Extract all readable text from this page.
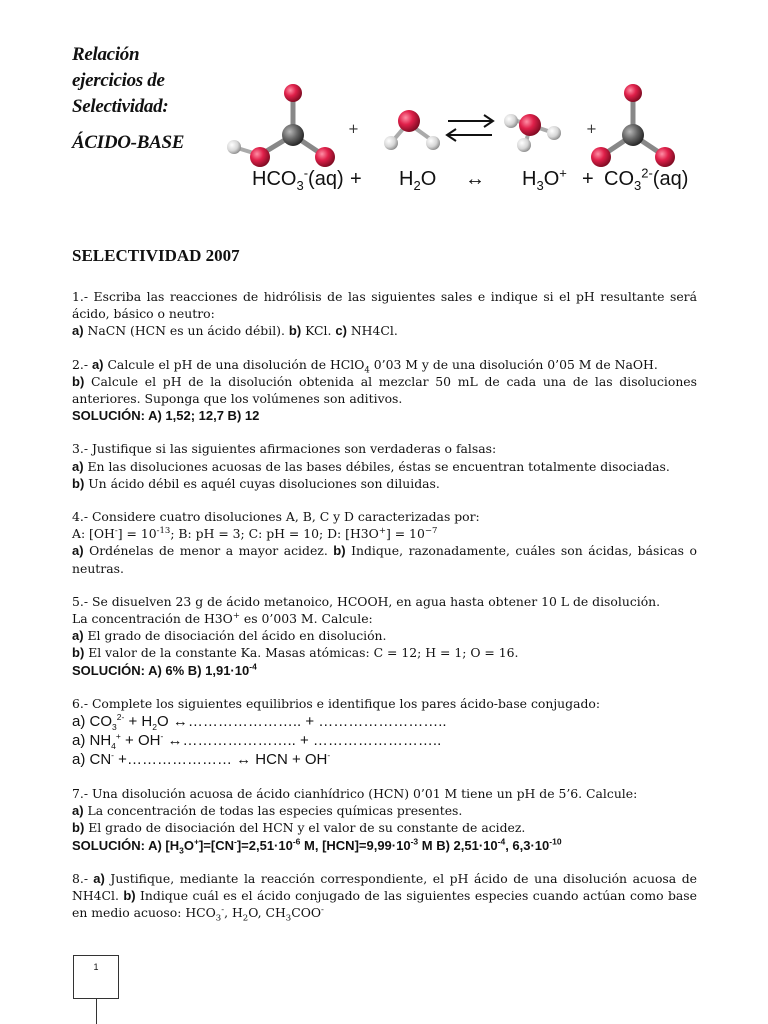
Relación
ejercicios de
Selectividad:
ÁCIDO-BASE
+	+
$HCO_3^-(aq) + H_2O$ ↔ $H_3O^+ + CO_3^{2-}(aq)$
SELECTIVIDAD 2007

1.- Escriba las reacciones de hidrólisis de las siguientes sales e indique si el pH resultante será ácido, básico o neutro:

a) NaCN (HCN es un ácido débil). b) KCl. c) NH4Cl.

2.- a) Calcule el pH de una disolución de HClO$_4$ 0’03 M y de una disolución 0’05 M de NaOH.

b) Calcule el pH de la disolución obtenida al mezclar 50 mL de cada una de las disoluciones anteriores. Suponga que los volúmenes son aditivos.

SOLUCIÓN: A) 1,52; 12,7 B) 12

3.- Justifique si las siguientes afirmaciones son verdaderas o falsas:

a) En las disoluciones acuosas de las bases débiles, éstas se encuentran totalmente disociadas.

b) Un ácido débil es aquél cuyas disoluciones son diluidas.

4.- Considere cuatro disoluciones A, B, C y D caracterizadas por:

A: $[OH^-] = 10^{-13}$; B: pH = 3; C: pH = 10; D: $[H3O^+] = 10^{-7}$

a) Ordénelas de menor a mayor acidez. b) Indique, razonadamente, cuáles son ácidas, básicas o neutras.

5.- Se disuelven 23 g de ácido metanoico, HCOOH, en agua hasta obtener 10 L de disolución.

La concentración de H3O+ es 0’003 M. Calcule:

a) El grado de disociación del ácido en disolución.

b) El valor de la constante Ka. Masas atómicas: C = 12; H = 1; O = 16.

SOLUCIÓN: A) 6% B) $1,91\cdot 10^{-4}$

6.- Complete los siguientes equilibrios e identifique los pares ácido-base conjugado:

a) $CO_3^{2-} + H_2O$ ↔………………….. + ……………………..

a) $NH_4^+ + OH^-$ ↔………………….. + ……………………..

a) CN- +………………… ↔ HCN + OH-

7.- Una disolución acuosa de ácido cianhídrico (HCN) 0’01 M tiene un pH de 5’6. Calcule:

a) La concentración de todas las especies químicas presentes.

b) El grado de disociación del HCN y el valor de su constante de acidez.

SOLUCIÓN: A) $[H_3O^+]=[CN^-]=2,51\cdot 10^{-6}$ M, $[HCN]=9,99\cdot 10^{-3}$ M B) $2,51\cdot 10^{-4}$, $6,3\cdot 10^{-10}$

8.- a) Justifique, mediante la reacción correspondiente, el pH ácido de una disolución acuosa de NH4Cl. b) Indique cuál es el ácido conjugado de las siguientes especies cuando actúan como base en medio acuoso: $HCO_3^-$, $H_2O$, $CH_3COO^-$

1
